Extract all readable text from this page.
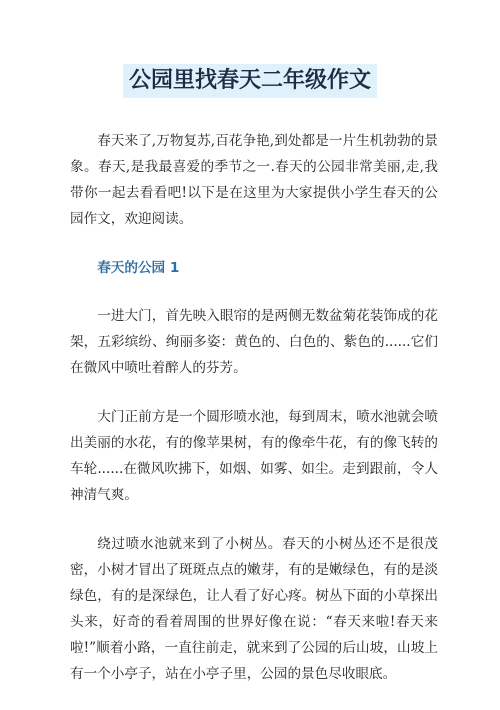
公园里找春天二年级作文

春天来了,万物复苏,百花争艳,到处都是一片生机勃勃的景象。春天,是我最喜爱的季节之一.春天的公园非常美丽,走,我带你一起去看看吧!以下是在这里为大家提供小学生春天的公园作文，欢迎阅读。

春天的公园 1

一进大门，首先映入眼帘的是两侧无数盆菊花装饰成的花架，五彩缤纷、绚丽多姿：黄色的、白色的、紫色的......它们在微风中喷吐着醉人的芬芳。

大门正前方是一个圆形喷水池，每到周末，喷水池就会喷出美丽的水花，有的像苹果树，有的像牵牛花，有的像飞转的车轮......在微风吹拂下，如烟、如雾、如尘。走到跟前，令人神清气爽。

绕过喷水池就来到了小树丛。春天的小树丛还不是很茂密，小树才冒出了斑斑点点的嫩芽，有的是嫩绿色，有的是淡绿色，有的是深绿色，让人看了好心疼。树丛下面的小草探出头来，好奇的看着周围的世界好像在说：“春天来啦!春天来啦!”顺着小路，一直往前走，就来到了公园的后山坡，山坡上有一个小亭子，站在小亭子里，公园的景色尽收眼底。
